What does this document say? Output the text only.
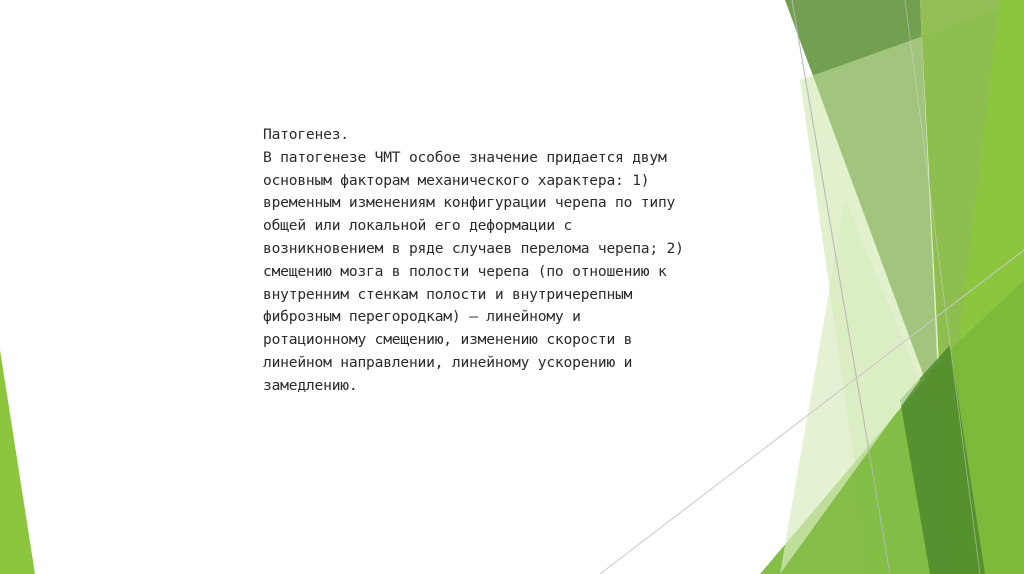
Патогенез.
В патогенезе ЧМТ особое значение придается двум
основным факторам механического характера: 1)
временным изменениям конфигурации черепа по типу
общей или локальной его деформации с
возникновением в ряде случаев перелома черепа; 2)
смещению мозга в полости черепа (по отношению к
внутренним стенкам полости и внутричерепным
фиброзным перегородкам) — линейному и
ротационному смещению, изменению скорости в
линейном направлении, линейному ускорению и
замедлению.
